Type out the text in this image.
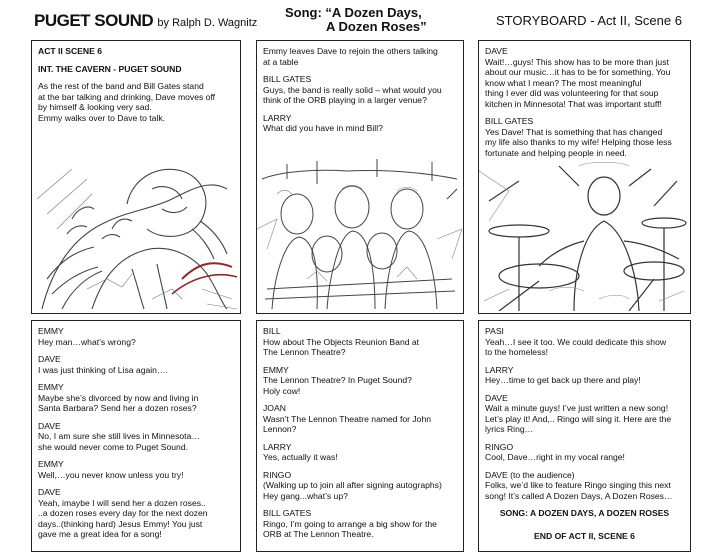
PUGET SOUND by Ralph D. Wagnitz
Song: “A Dozen Days,
A Dozen Roses”	STORYBOARD - Act II, Scene 6

ACT II SCENE 6

INT. THE CAVERN - PUGET SOUND

As the rest of the band and Bill Gates stand
at the bar talking and drinking, Dave moves off
by himself & looking very sad.
Emmy walks over to Dave to talk.

Emmy leaves Dave to rejoin the others talking
at a table

BILL GATES
Guys, the band is really solid – what would you
think of the ORB playing in a larger venue?

LARRY
What did you have in mind Bill?

DAVE
Wait!…guys! This show has to be more than just
about our music…it has to be for something. You
know what I mean? The most meaningful
thing I ever did was volunteering for that soup
kitchen in Minnesota! That was important stuff!

BILL GATES
Yes Dave! That is something that has changed
my life also thanks to my wife! Helping those less
fortunate and helping people in need.

EMMY
Hey man…what’s wrong?

DAVE
I was just thinking of Lisa again….

EMMY
Maybe she’s divorced by now and living in
Santa Barbara? Send her a dozen roses?

DAVE
No, I am sure she still lives in Minnesota…
she would never come to Puget Sound.

EMMY
Well,…you never know unless you try!

DAVE
Yeah, imaybe I will send her a dozen roses..
..a dozen roses every day for the next dozen
days..(thinking hard) Jesus Emmy! You just
gave me a great idea for a song!

BILL
How about The Objects Reunion Band at
The Lennon Theatre?

EMMY
The Lennon Theatre? In Puget Sound?
Holy cow!

JOAN
Wasn’t The Lennon Theatre named for John
Lennon?

LARRY
Yes, actually it was!

RINGO
(Walking up to join all after signing autographs)
Hey gang...what’s up?

BILL GATES
Ringo, I’m going to arrange a big show for the
ORB at The Lennon Theatre.

PASI
Yeah…I see it too. We could dedicate this show
to the homeless!

LARRY
Hey…time to get back up there and play!

DAVE
Wait a minute guys! I’ve just written a new song!
Let’s play it! And,.. Ringo will sing it. Here are the
lyrics Ring…

RINGO
Cool, Dave…right in my vocal range!

DAVE (to the audience)
Folks, we’d like to feature Ringo singing this next
song! It’s called A Dozen Days, A Dozen Roses…

SONG: A DOZEN DAYS, A DOZEN ROSES

END OF ACT II, SCENE 6
